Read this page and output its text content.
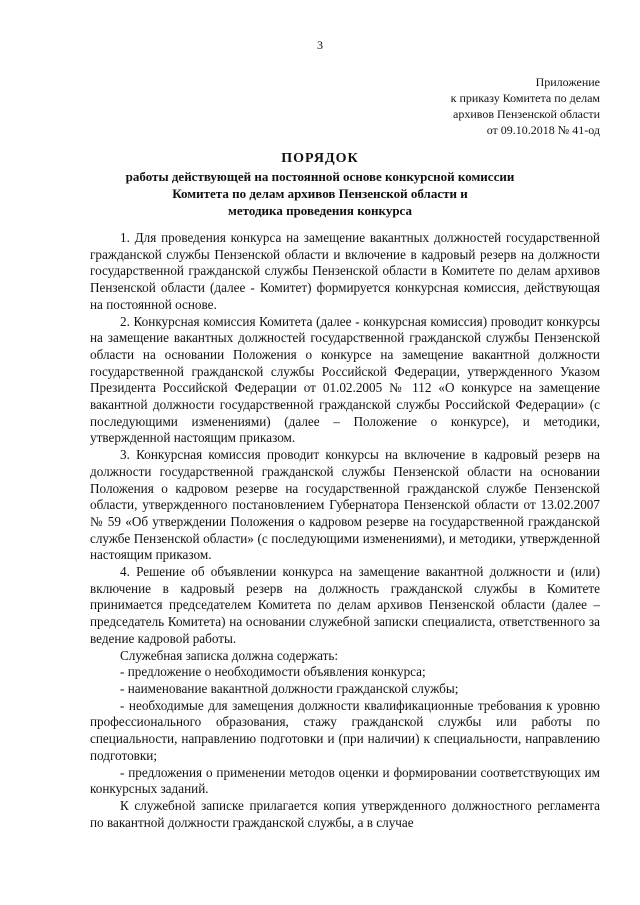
3
Приложение
к приказу Комитета по делам
архивов Пензенской области
от 09.10.2018 № 41-од
ПОРЯДОК
работы действующей на постоянной основе конкурсной комиссии
Комитета по делам архивов Пензенской области и
методика проведения конкурса

1. Для проведения конкурса на замещение вакантных должностей государственной гражданской службы Пензенской области и включение в кадровый резерв на должности государственной гражданской службы Пензенской области в Комитете по делам архивов Пензенской области (далее - Комитет) формируется конкурсная комиссия, действующая на постоянной основе.

2. Конкурсная комиссия Комитета (далее - конкурсная комиссия) проводит конкурсы на замещение вакантных должностей государственной гражданской службы Пензенской области на основании Положения о конкурсе на замещение вакантной должности государственной гражданской службы Российской Федерации, утвержденного Указом Президента Российской Федерации от 01.02.2005 № 112 «О конкурсе на замещение вакантной должности государственной гражданской службы Российской Федерации» (с последующими изменениями) (далее – Положение о конкурсе), и методики, утвержденной настоящим приказом.

3. Конкурсная комиссия проводит конкурсы на включение в кадровый резерв на должности государственной гражданской службы Пензенской области на основании Положения о кадровом резерве на государственной гражданской службе Пензенской области, утвержденного постановлением Губернатора Пензенской области от 13.02.2007 № 59 «Об утверждении Положения о кадровом резерве на государственной гражданской службе Пензенской области» (с последующими изменениями), и методики, утвержденной настоящим приказом.

4. Решение об объявлении конкурса на замещение вакантной должности и (или) включение в кадровый резерв на должность гражданской службы в Комитете принимается председателем Комитета по делам архивов Пензенской области (далее – председатель Комитета) на основании служебной записки специалиста, ответственного за ведение кадровой работы.

Служебная записка должна содержать:

- предложение о необходимости объявления конкурса;

- наименование вакантной должности гражданской службы;

- необходимые для замещения должности квалификационные требования к уровню профессионального образования, стажу гражданской службы или работы по специальности, направлению подготовки и (при наличии) к специальности, направлению подготовки;

- предложения о применении методов оценки и формировании соответствующих им конкурсных заданий.

К служебной записке прилагается копия утвержденного должностного регламента по вакантной должности гражданской службы, а в случае
